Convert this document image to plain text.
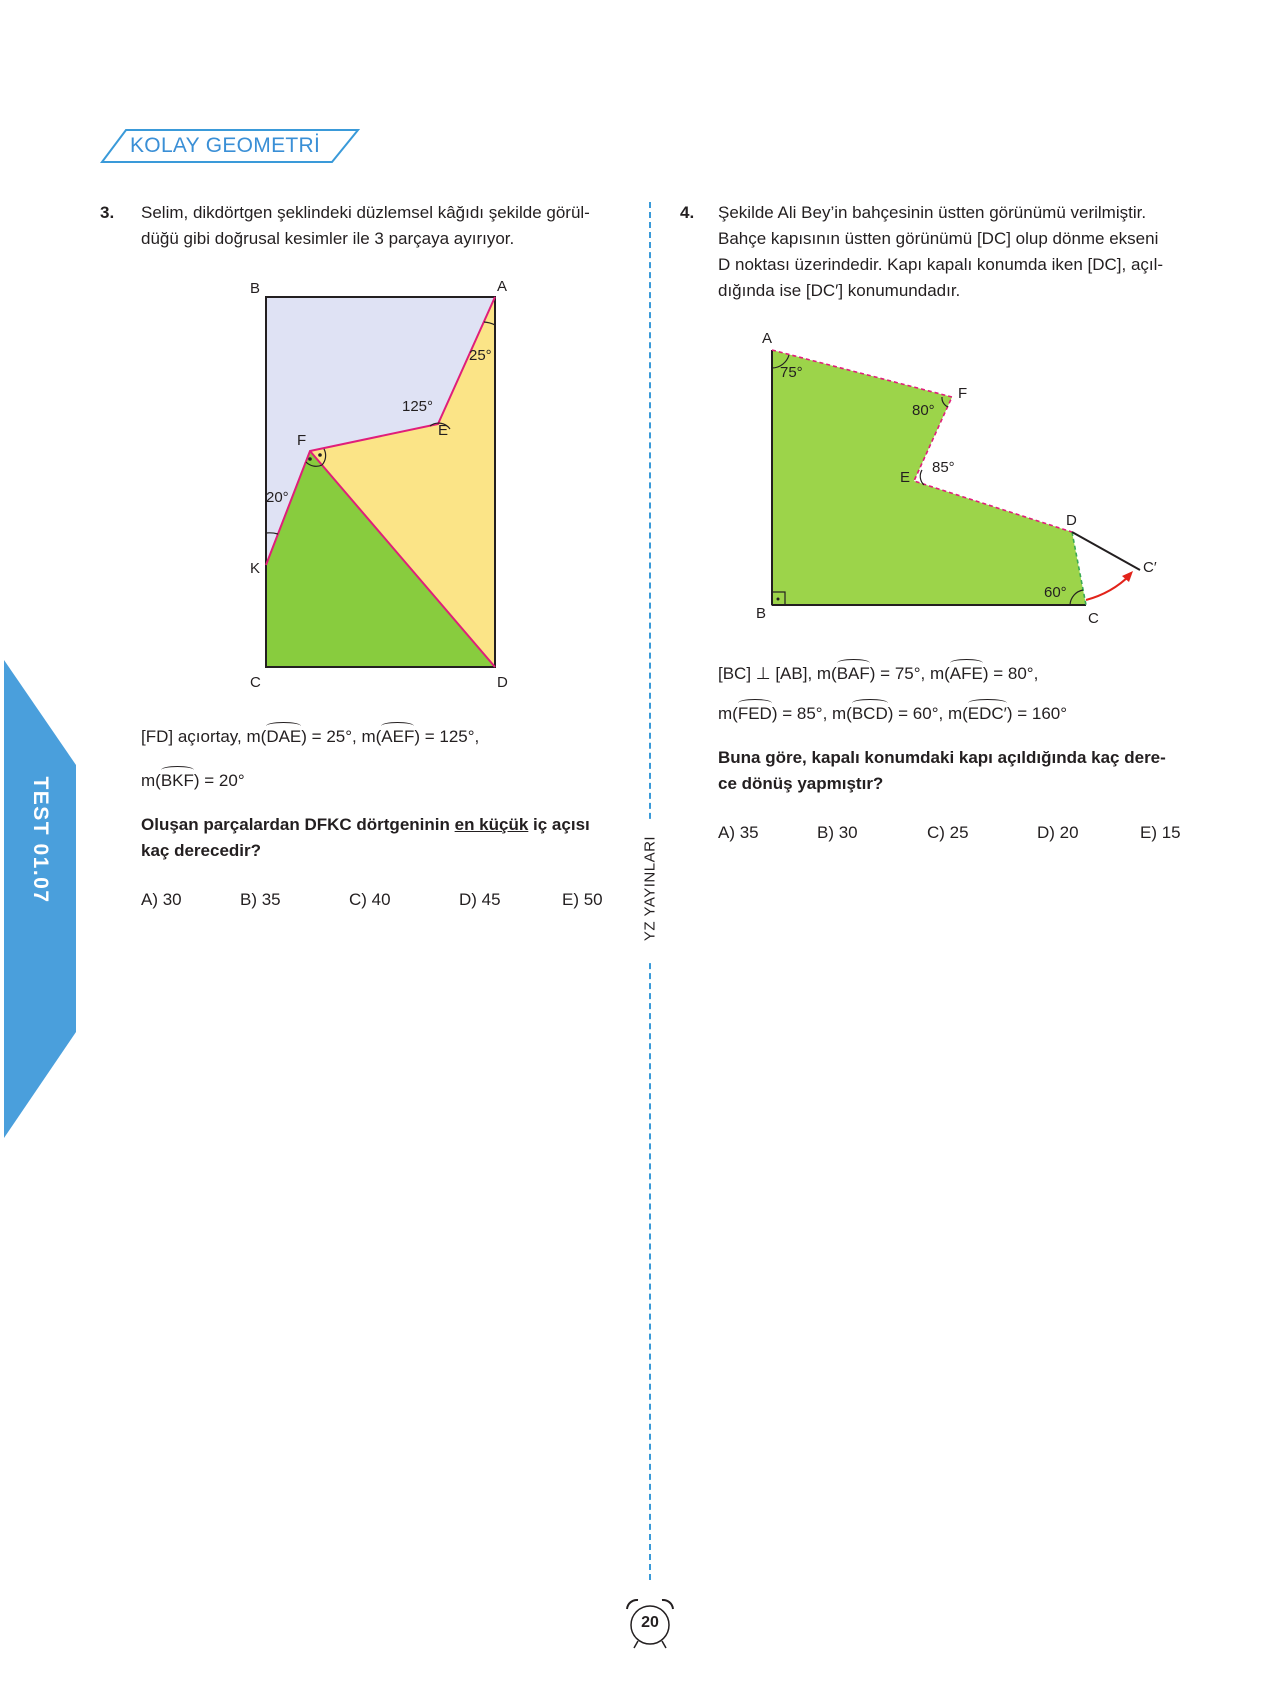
KOLAY GEOMETRİ
TEST 01.07	YZ YAYINLARI
3. Selim, dikdörtgen şeklindeki düzlemsel kâğıdı şekilde görül-
düğü gibi doğrusal kesimler ile 3 parçaya ayırıyor.
B	A
C	D
E
F
K
25°
125°
20°
[FD] açıortay, m(DAE) = 25°, m(AEF) = 125°,
m(BKF) = 20°
Oluşan parçalardan DFKC dörtgeninin en küçük iç açısı
kaç derecedir?
A) 30	B) 35	C) 40	D) 45	E) 50
4. Şekilde Ali Bey’in bahçesinin üstten görünümü verilmiştir.
Bahçe kapısının üstten görünümü [DC] olup dönme ekseni
D noktası üzerindedir. Kapı kapalı konumda iken [DC], açıl-
dığında ise [DC′] konumundadır.
A
B	C
C′
D
E
F
75°
80°
85°
60°
[BC] ⊥ [AB], m(BAF) = 75°, m(AFE) = 80°,
m(FED) = 85°, m(BCD) = 60°, m(EDC′) = 160°
Buna göre, kapalı konumdaki kapı açıldığında kaç dere-
ce dönüş yapmıştır?
A) 35	B) 30	C) 25	D) 20	E) 15
20
